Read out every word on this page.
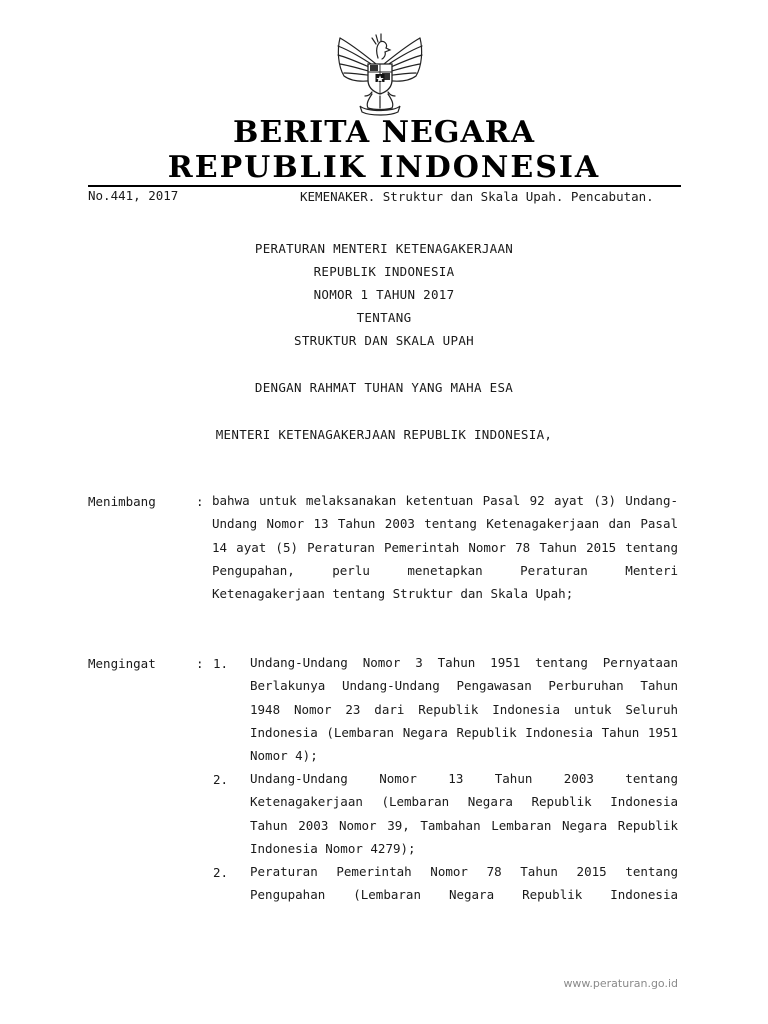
BERITA NEGARA
REPUBLIK INDONESIA
No.441, 2017	KEMENAKER. Struktur dan Skala Upah. Pencabutan.
PERATURAN MENTERI KETENAGAKERJAAN
REPUBLIK INDONESIA
NOMOR 1 TAHUN 2017
TENTANG
STRUKTUR DAN SKALA UPAH
DENGAN RAHMAT TUHAN YANG MAHA ESA
MENTERI KETENAGAKERJAAN REPUBLIK INDONESIA,
Menimbang	: bahwa untuk melaksanakan ketentuan Pasal 92 ayat (3) Undang-Undang Nomor 13 Tahun 2003 tentang Ketenagakerjaan dan Pasal 14 ayat (5) Peraturan Pemerintah Nomor 78 Tahun 2015 tentang Pengupahan, perlu menetapkan Peraturan Menteri Ketenagakerjaan tentang Struktur dan Skala Upah;

Mengingat	: 1. Undang-Undang Nomor 3 Tahun 1951 tentang Pernyataan Berlakunya Undang-Undang Pengawasan Perburuhan Tahun 1948 Nomor 23 dari Republik Indonesia untuk Seluruh Indonesia (Lembaran Negara Republik Indonesia Tahun 1951 Nomor 4);

2. Undang-Undang Nomor 13 Tahun 2003 tentang Ketenagakerjaan (Lembaran Negara Republik Indonesia Tahun 2003 Nomor 39, Tambahan Lembaran Negara Republik Indonesia Nomor 4279);

2. Peraturan Pemerintah Nomor 78 Tahun 2015 tentang Pengupahan (Lembaran Negara Republik Indonesia

www.peraturan.go.id
